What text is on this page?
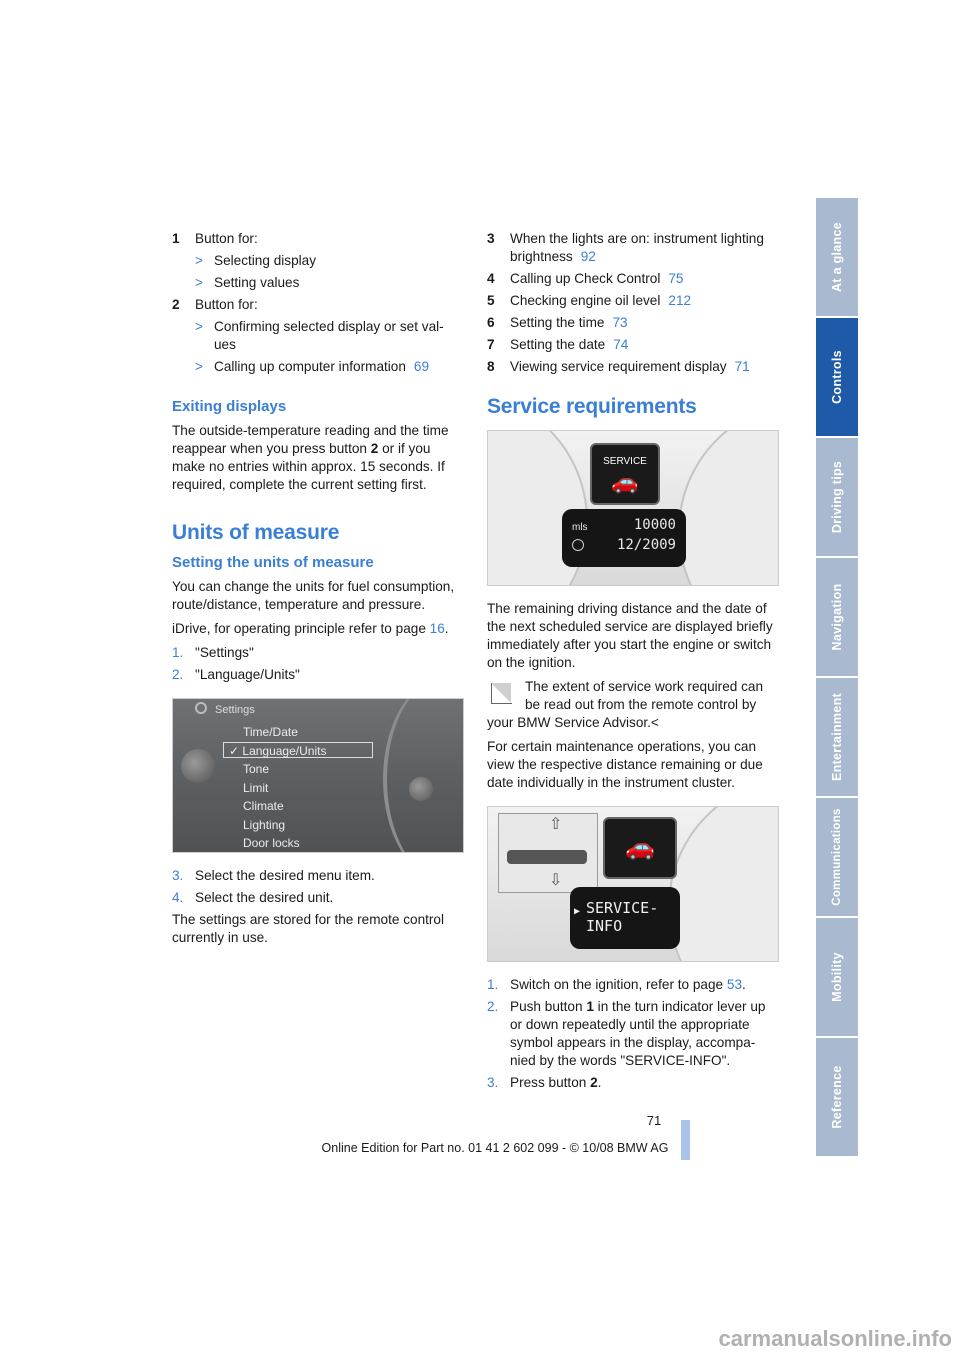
1	Button for:
> Selecting display
> Setting values
2	Button for:
> Confirming selected display or set val-ues
> Calling up computer information 69
Exiting displays

The outside-temperature reading and the time reappear when you press button 2 or if you make no entries within approx. 15 seconds. If required, complete the current setting first.

Units of measure
Setting the units of measure

You can change the units for fuel consumption, route/distance, temperature and pressure.

iDrive, for operating principle refer to page 16.

1. "Settings"
2. "Language/Units"
Settings
Time/Date
✓ Language/Units
Tone
Limit
Climate
Lighting
Door locks
3. Select the desired menu item.
4. Select the desired unit.

The settings are stored for the remote control currently in use.

3	When the lights are on: instrument lighting brightness 92
4	Calling up Check Control 75
5	Checking engine oil level 212
6	Setting the time 73
7	Setting the date 74
8	Viewing service requirement display 71
Service requirements
SERVICE
🚗
mls	10000
12/2009

The remaining driving distance and the date of the next scheduled service are displayed briefly immediately after you start the engine or switch on the ignition.

The extent of service work required can be read out from the remote control by your BMW Service Advisor.<

For certain maintenance operations, you can view the respective distance remaining or due date individually in the instrument cluster.

⇧
⇩
🚗
▶ SERVICE-
INFO
1. Switch on the ignition, refer to page 53.
2. Push button 1 in the turn indicator lever up or down repeatedly until the appropriate symbol appears in the display, accompa-nied by the words "SERVICE-INFO".
3. Press button 2.
At a glance
Controls
Driving tips
Navigation
Entertainment
Communications
Mobility
Reference
71
Online Edition for Part no. 01 41 2 602 099 - © 10/08 BMW AG
carmanualsonline.info
